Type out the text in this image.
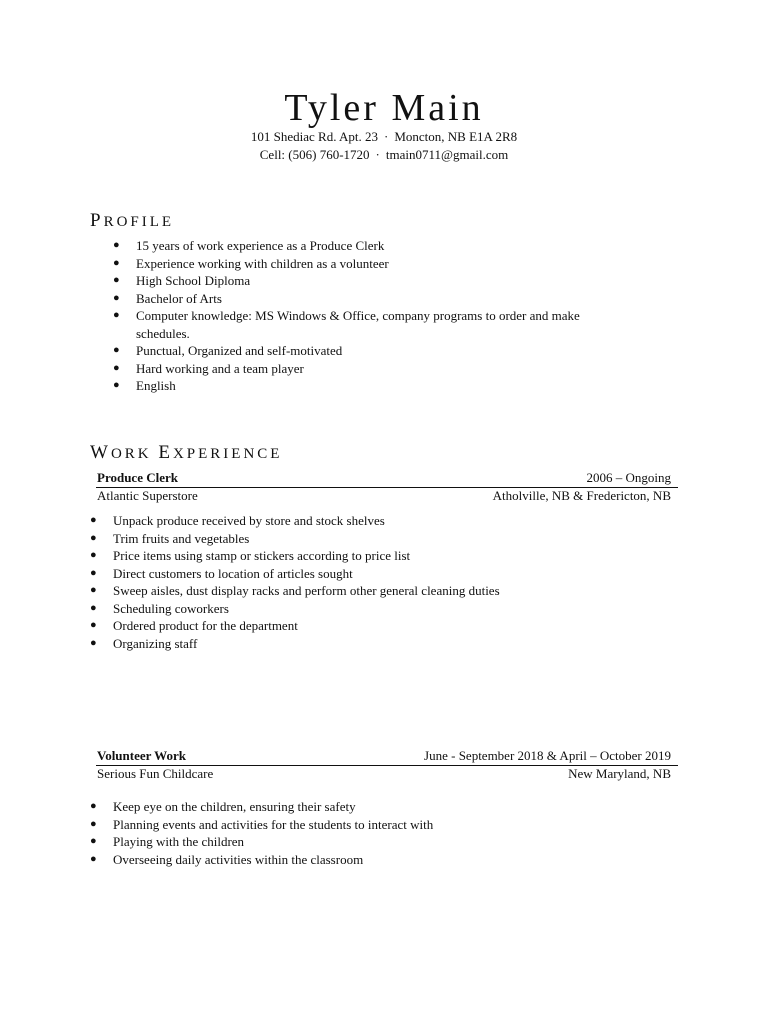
Tyler Main
101 Shediac Rd. Apt. 23 · Moncton, NB E1A 2R8
Cell: (506) 760-1720 · tmain0711@gmail.com
PROFILE
● 15 years of work experience as a Produce Clerk
● Experience working with children as a volunteer
● High School Diploma
● Bachelor of Arts
● Computer knowledge: MS Windows & Office, company programs to order and make schedules.
● Punctual, Organized and self-motivated
● Hard working and a team player
● English
WORK EXPERIENCE
Produce Clerk	2006 – Ongoing
Atlantic Superstore	Atholville, NB & Fredericton, NB
● Unpack produce received by store and stock shelves
● Trim fruits and vegetables
● Price items using stamp or stickers according to price list
● Direct customers to location of articles sought
● Sweep aisles, dust display racks and perform other general cleaning duties
● Scheduling coworkers
● Ordered product for the department
● Organizing staff
Volunteer Work	June - September 2018 & April – October 2019
Serious Fun Childcare	New Maryland, NB
● Keep eye on the children, ensuring their safety
● Planning events and activities for the students to interact with
● Playing with the children
● Overseeing daily activities within the classroom
